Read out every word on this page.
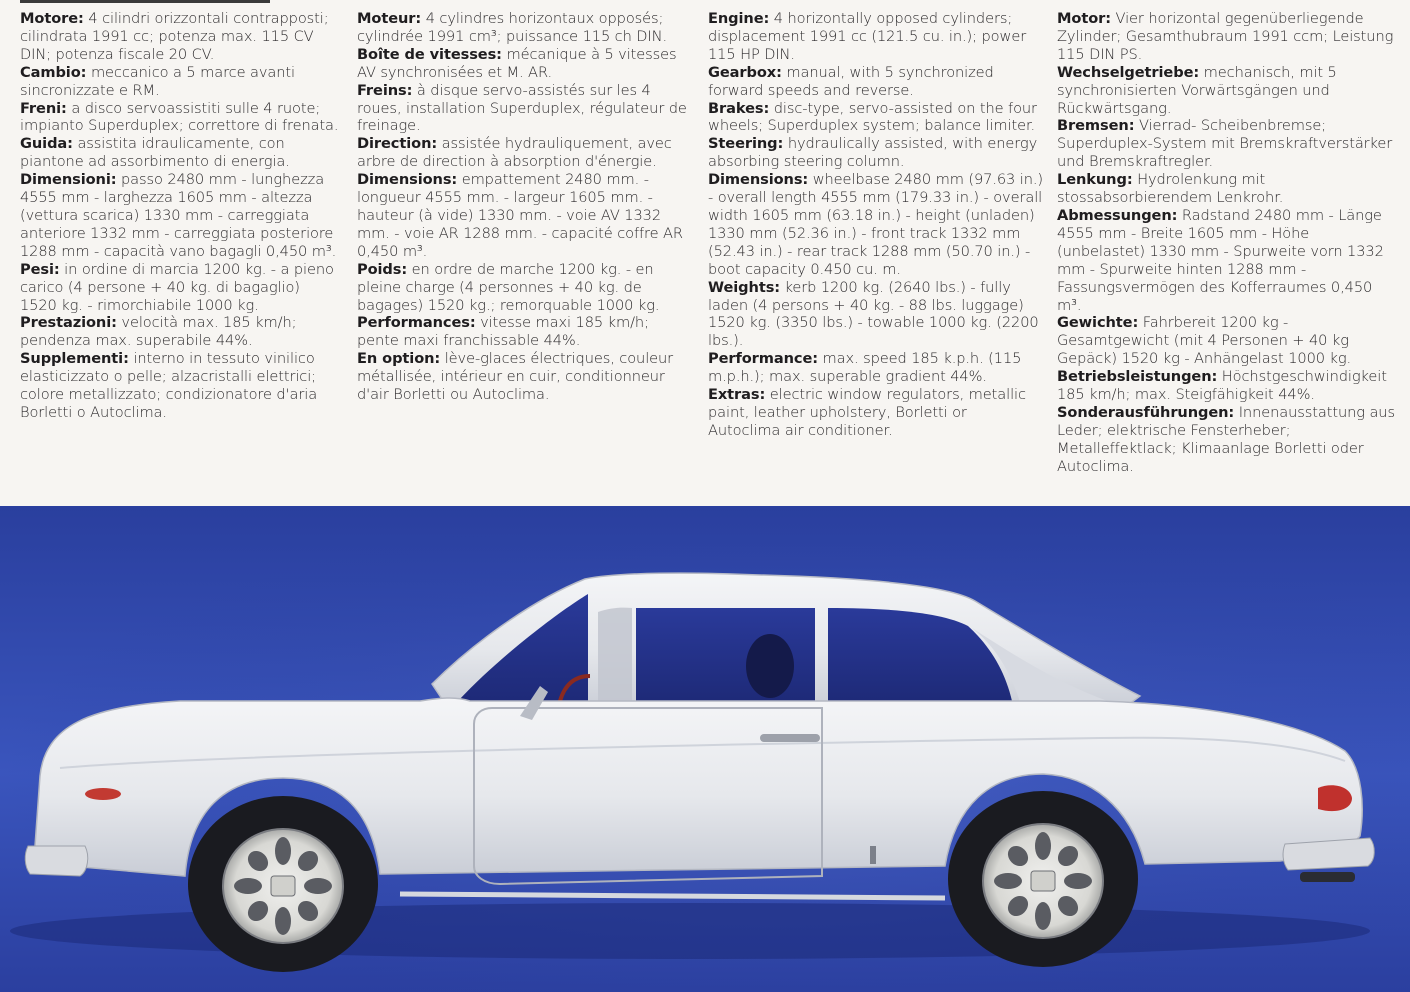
Motore: 4 cilindri orizzontali contrapposti; cilindrata 1991 cc; potenza max. 115 CV DIN; potenza fiscale 20 CV.

Cambio: meccanico a 5 marce avanti sincronizzate e RM.

Freni: a disco servoassistiti sulle 4 ruote; impianto Superduplex; correttore di frenata.

Guida: assistita idraulicamente, con piantone ad assorbimento di energia.

Dimensioni: passo 2480 mm - lunghezza 4555 mm - larghezza 1605 mm - altezza (vettura scarica) 1330 mm - carreggiata anteriore 1332 mm - carreggiata posteriore 1288 mm - capacità vano bagagli 0,450 m³.

Pesi: in ordine di marcia 1200 kg. - a pieno carico (4 persone + 40 kg. di bagaglio) 1520 kg. - rimorchiabile 1000 kg.

Prestazioni: velocità max. 185 km/h; pendenza max. superabile 44%.

Supplementi: interno in tessuto vinilico elasticizzato o pelle; alzacristalli elettrici; colore metallizzato; condizionatore d'aria Borletti o Autoclima.

Moteur: 4 cylindres horizontaux opposés; cylindrée 1991 cm³; puissance 115 ch DIN.

Boîte de vitesses: mécanique à 5 vitesses AV synchronisées et M. AR.

Freins: à disque servo-assistés sur les 4 roues, installation Superduplex, régulateur de freinage.

Direction: assistée hydrauliquement, avec arbre de direction à absorption d'énergie.

Dimensions: empattement 2480 mm. - longueur 4555 mm. - largeur 1605 mm. - hauteur (à vide) 1330 mm. - voie AV 1332 mm. - voie AR 1288 mm. - capacité coffre AR 0,450 m³.

Poids: en ordre de marche 1200 kg. - en pleine charge (4 personnes + 40 kg. de bagages) 1520 kg.; remorquable 1000 kg.

Performances: vitesse maxi 185 km/h; pente maxi franchissable 44%.

En option: lève-glaces électriques, couleur métallisée, intérieur en cuir, conditionneur d'air Borletti ou Autoclima.

Engine: 4 horizontally opposed cylinders; displacement 1991 cc (121.5 cu. in.); power 115 HP DIN.

Gearbox: manual, with 5 synchronized forward speeds and reverse.

Brakes: disc-type, servo-assisted on the four wheels; Superduplex system; balance limiter.

Steering: hydraulically assisted, with energy absorbing steering column.

Dimensions: wheelbase 2480 mm (97.63 in.) - overall length 4555 mm (179.33 in.) - overall width 1605 mm (63.18 in.) - height (unladen) 1330 mm (52.36 in.) - front track 1332 mm (52.43 in.) - rear track 1288 mm (50.70 in.) - boot capacity 0.450 cu. m.

Weights: kerb 1200 kg. (2640 lbs.) - fully laden (4 persons + 40 kg. - 88 lbs. luggage) 1520 kg. (3350 lbs.) - towable 1000 kg. (2200 lbs.).

Performance: max. speed 185 k.p.h. (115 m.p.h.); max. superable gradient 44%.

Extras: electric window regulators, metallic paint, leather upholstery, Borletti or Autoclima air conditioner.

Motor: Vier horizontal gegenüberliegende Zylinder; Gesamthubraum 1991 ccm; Leistung 115 DIN PS.

Wechselgetriebe: mechanisch, mit 5 synchronisierten Vorwärtsgängen und Rückwärtsgang.

Bremsen: Vierrad- Scheibenbremse; Superduplex-System mit Bremskraftverstärker und Bremskraftregler.

Lenkung: Hydrolenkung mit stossabsorbierendem Lenkrohr.

Abmessungen: Radstand 2480 mm - Länge 4555 mm - Breite 1605 mm - Höhe (unbelastet) 1330 mm - Spurweite vorn 1332 mm - Spurweite hinten 1288 mm - Fassungsvermögen des Kofferraumes 0,450 m³.

Gewichte: Fahrbereit 1200 kg - Gesamtgewicht (mit 4 Personen + 40 kg Gepäck) 1520 kg - Anhängelast 1000 kg.

Betriebsleistungen: Höchstgeschwindigkeit 185 km/h; max. Steigfähigkeit 44%.

Sonderausführungen: Innenausstattung aus Leder; elektrische Fensterheber; Metalleffektlack; Klimaanlage Borletti oder Autoclima.
